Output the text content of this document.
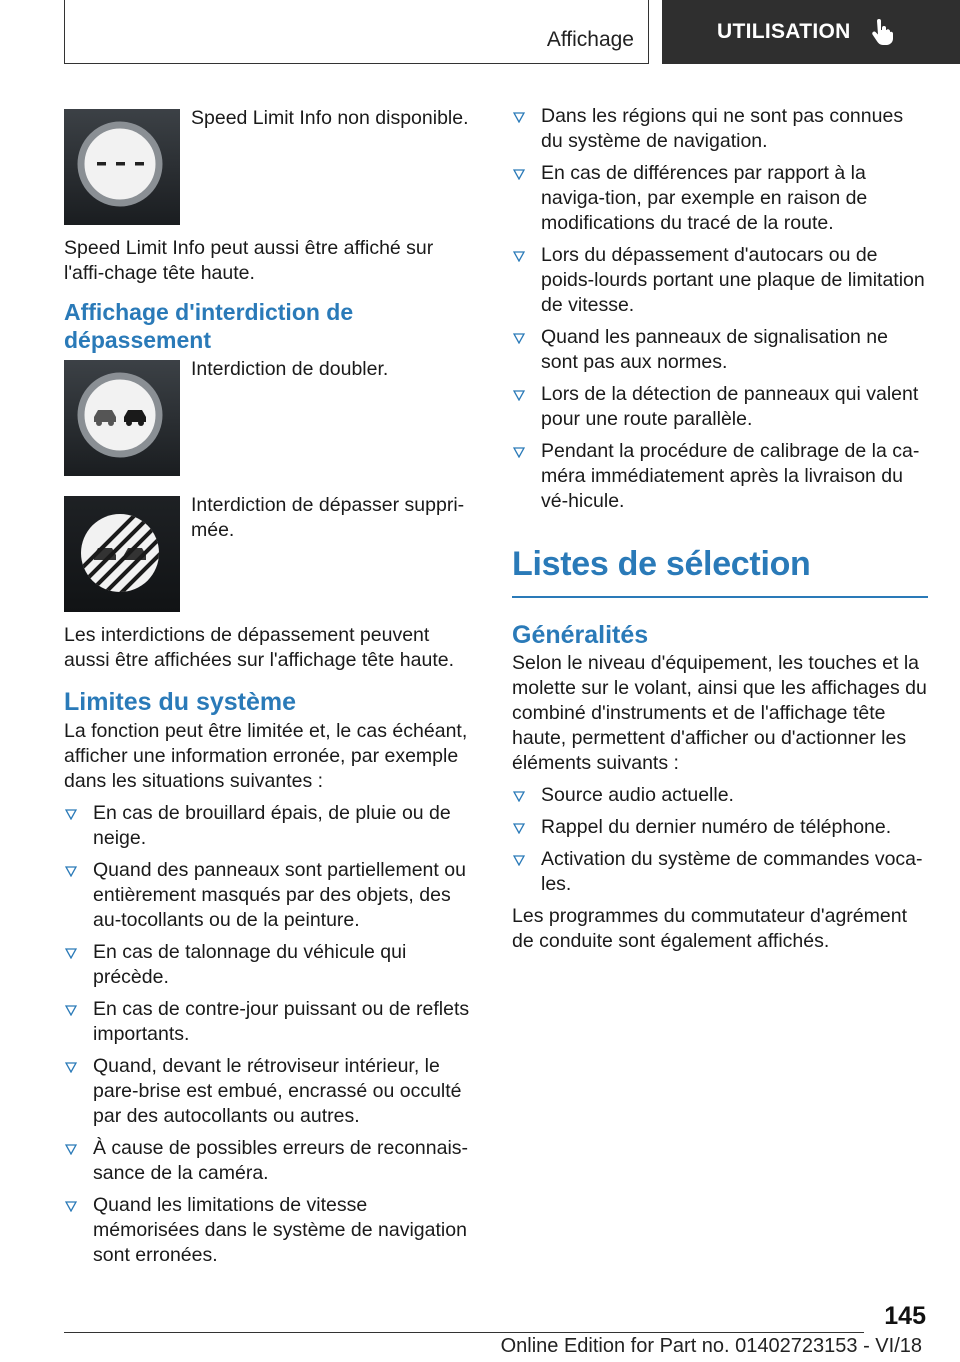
Affichage	UTILISATION
Speed Limit Info non disponible.

Speed Limit Info peut aussi être affiché sur l'affi-chage tête haute.

Affichage d'interdiction de dépassement
Interdiction de doubler.
Interdiction de dépasser suppri-mée.

Les interdictions de dépassement peuvent aussi être affichées sur l'affichage tête haute.

Limites du système

La fonction peut être limitée et, le cas échéant, afficher une information erronée, par exemple dans les situations suivantes :

En cas de brouillard épais, de pluie ou de neige.
Quand des panneaux sont partiellement ou entièrement masqués par des objets, des au-tocollants ou de la peinture.
En cas de talonnage du véhicule qui précède.
En cas de contre-jour puissant ou de reflets importants.
Quand, devant le rétroviseur intérieur, le pare-brise est embué, encrassé ou occulté par des autocollants ou autres.
À cause de possibles erreurs de reconnais-sance de la caméra.
Quand les limitations de vitesse mémorisées dans le système de navigation sont erronées.
Dans les régions qui ne sont pas connues du système de navigation.
En cas de différences par rapport à la naviga-tion, par exemple en raison de modifications du tracé de la route.
Lors du dépassement d'autocars ou de poids-lourds portant une plaque de limitation de vitesse.
Quand les panneaux de signalisation ne sont pas aux normes.
Lors de la détection de panneaux qui valent pour une route parallèle.
Pendant la procédure de calibrage de la ca-méra immédiatement après la livraison du vé-hicule.
Listes de sélection
Généralités

Selon le niveau d'équipement, les touches et la molette sur le volant, ainsi que les affichages du combiné d'instruments et de l'affichage tête haute, permettent d'afficher ou d'actionner les éléments suivants :

Source audio actuelle.
Rappel du dernier numéro de téléphone.
Activation du système de commandes voca-les.

Les programmes du commutateur d'agrément de conduite sont également affichés.

145
Online Edition for Part no. 01402723153 - VI/18
